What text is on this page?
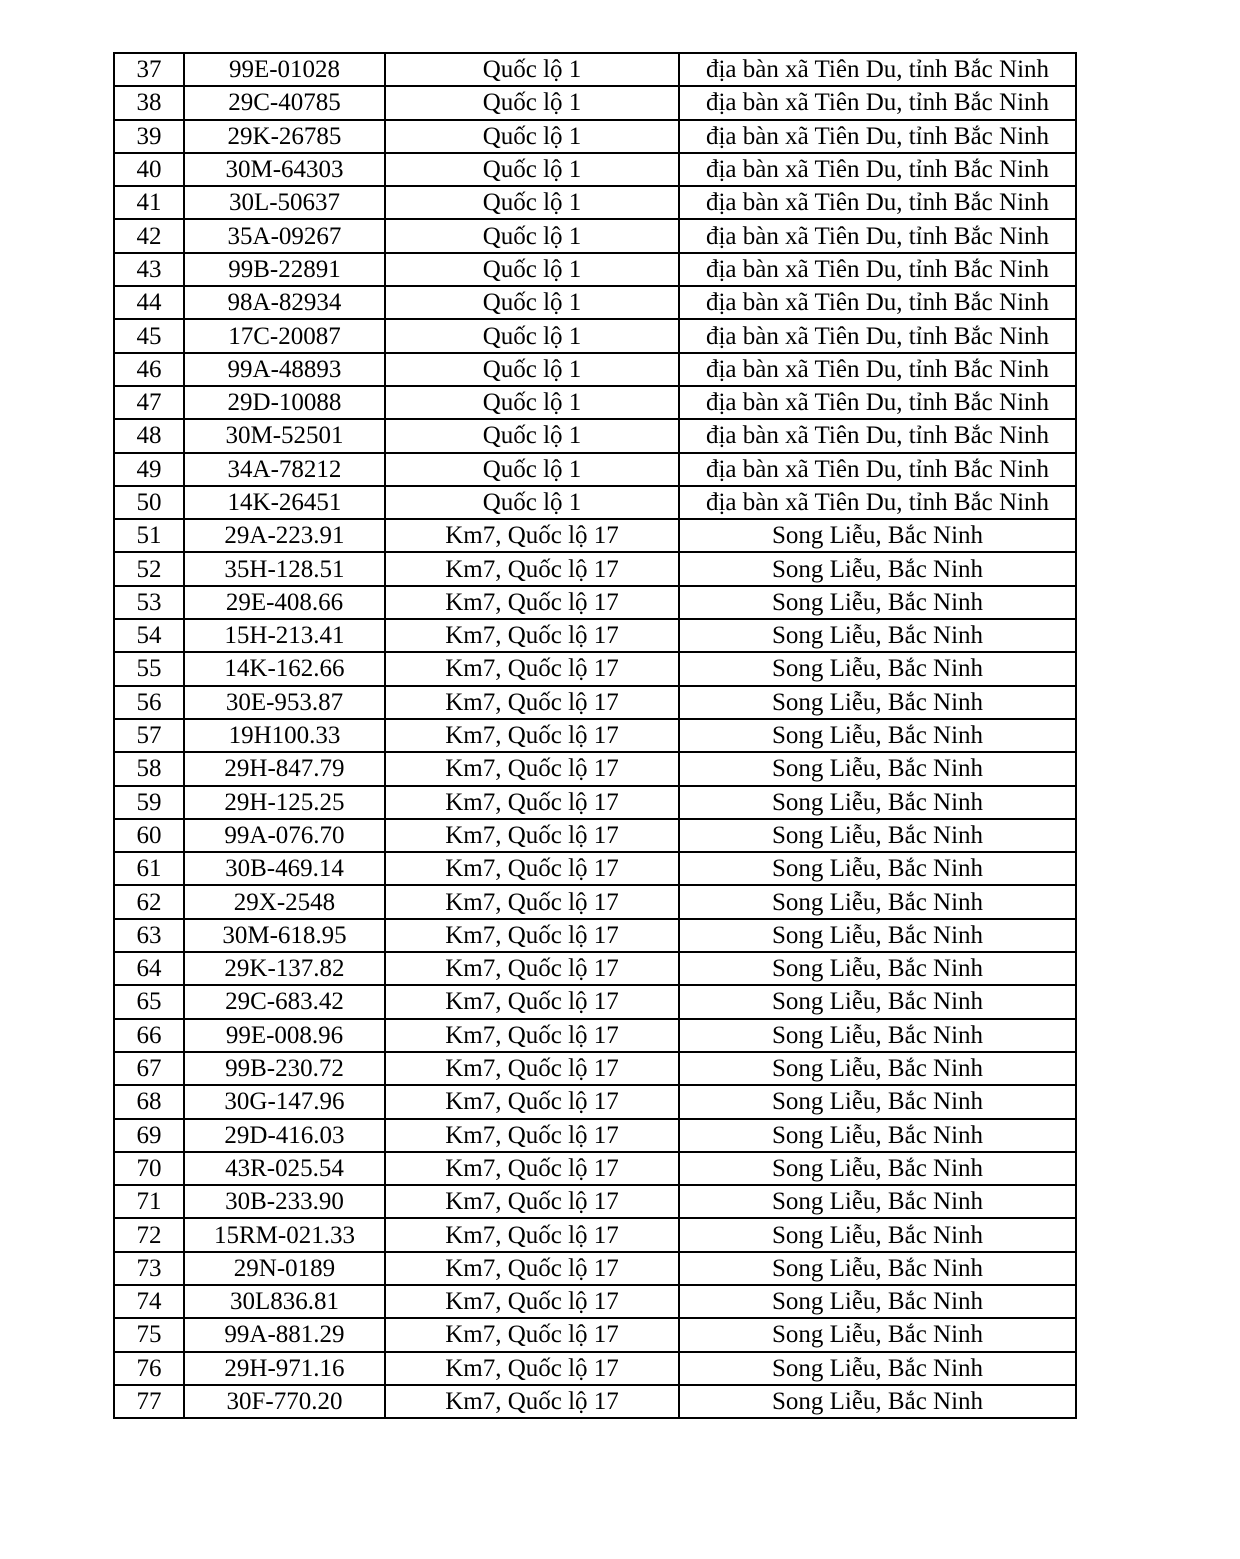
37	99E-01028	Quốc lộ 1	địa bàn xã Tiên Du, tỉnh Bắc Ninh
38	29C-40785	Quốc lộ 1	địa bàn xã Tiên Du, tỉnh Bắc Ninh
39	29K-26785	Quốc lộ 1	địa bàn xã Tiên Du, tỉnh Bắc Ninh
40	30M-64303	Quốc lộ 1	địa bàn xã Tiên Du, tỉnh Bắc Ninh
41	30L-50637	Quốc lộ 1	địa bàn xã Tiên Du, tỉnh Bắc Ninh
42	35A-09267	Quốc lộ 1	địa bàn xã Tiên Du, tỉnh Bắc Ninh
43	99B-22891	Quốc lộ 1	địa bàn xã Tiên Du, tỉnh Bắc Ninh
44	98A-82934	Quốc lộ 1	địa bàn xã Tiên Du, tỉnh Bắc Ninh
45	17C-20087	Quốc lộ 1	địa bàn xã Tiên Du, tỉnh Bắc Ninh
46	99A-48893	Quốc lộ 1	địa bàn xã Tiên Du, tỉnh Bắc Ninh
47	29D-10088	Quốc lộ 1	địa bàn xã Tiên Du, tỉnh Bắc Ninh
48	30M-52501	Quốc lộ 1	địa bàn xã Tiên Du, tỉnh Bắc Ninh
49	34A-78212	Quốc lộ 1	địa bàn xã Tiên Du, tỉnh Bắc Ninh
50	14K-26451	Quốc lộ 1	địa bàn xã Tiên Du, tỉnh Bắc Ninh
51	29A-223.91	Km7, Quốc lộ 17	Song Liễu, Bắc Ninh
52	35H-128.51	Km7, Quốc lộ 17	Song Liễu, Bắc Ninh
53	29E-408.66	Km7, Quốc lộ 17	Song Liễu, Bắc Ninh
54	15H-213.41	Km7, Quốc lộ 17	Song Liễu, Bắc Ninh
55	14K-162.66	Km7, Quốc lộ 17	Song Liễu, Bắc Ninh
56	30E-953.87	Km7, Quốc lộ 17	Song Liễu, Bắc Ninh
57	19H100.33	Km7, Quốc lộ 17	Song Liễu, Bắc Ninh
58	29H-847.79	Km7, Quốc lộ 17	Song Liễu, Bắc Ninh
59	29H-125.25	Km7, Quốc lộ 17	Song Liễu, Bắc Ninh
60	99A-076.70	Km7, Quốc lộ 17	Song Liễu, Bắc Ninh
61	30B-469.14	Km7, Quốc lộ 17	Song Liễu, Bắc Ninh
62	29X-2548	Km7, Quốc lộ 17	Song Liễu, Bắc Ninh
63	30M-618.95	Km7, Quốc lộ 17	Song Liễu, Bắc Ninh
64	29K-137.82	Km7, Quốc lộ 17	Song Liễu, Bắc Ninh
65	29C-683.42	Km7, Quốc lộ 17	Song Liễu, Bắc Ninh
66	99E-008.96	Km7, Quốc lộ 17	Song Liễu, Bắc Ninh
67	99B-230.72	Km7, Quốc lộ 17	Song Liễu, Bắc Ninh
68	30G-147.96	Km7, Quốc lộ 17	Song Liễu, Bắc Ninh
69	29D-416.03	Km7, Quốc lộ 17	Song Liễu, Bắc Ninh
70	43R-025.54	Km7, Quốc lộ 17	Song Liễu, Bắc Ninh
71	30B-233.90	Km7, Quốc lộ 17	Song Liễu, Bắc Ninh
72	15RM-021.33	Km7, Quốc lộ 17	Song Liễu, Bắc Ninh
73	29N-0189	Km7, Quốc lộ 17	Song Liễu, Bắc Ninh
74	30L836.81	Km7, Quốc lộ 17	Song Liễu, Bắc Ninh
75	99A-881.29	Km7, Quốc lộ 17	Song Liễu, Bắc Ninh
76	29H-971.16	Km7, Quốc lộ 17	Song Liễu, Bắc Ninh
77	30F-770.20	Km7, Quốc lộ 17	Song Liễu, Bắc Ninh
